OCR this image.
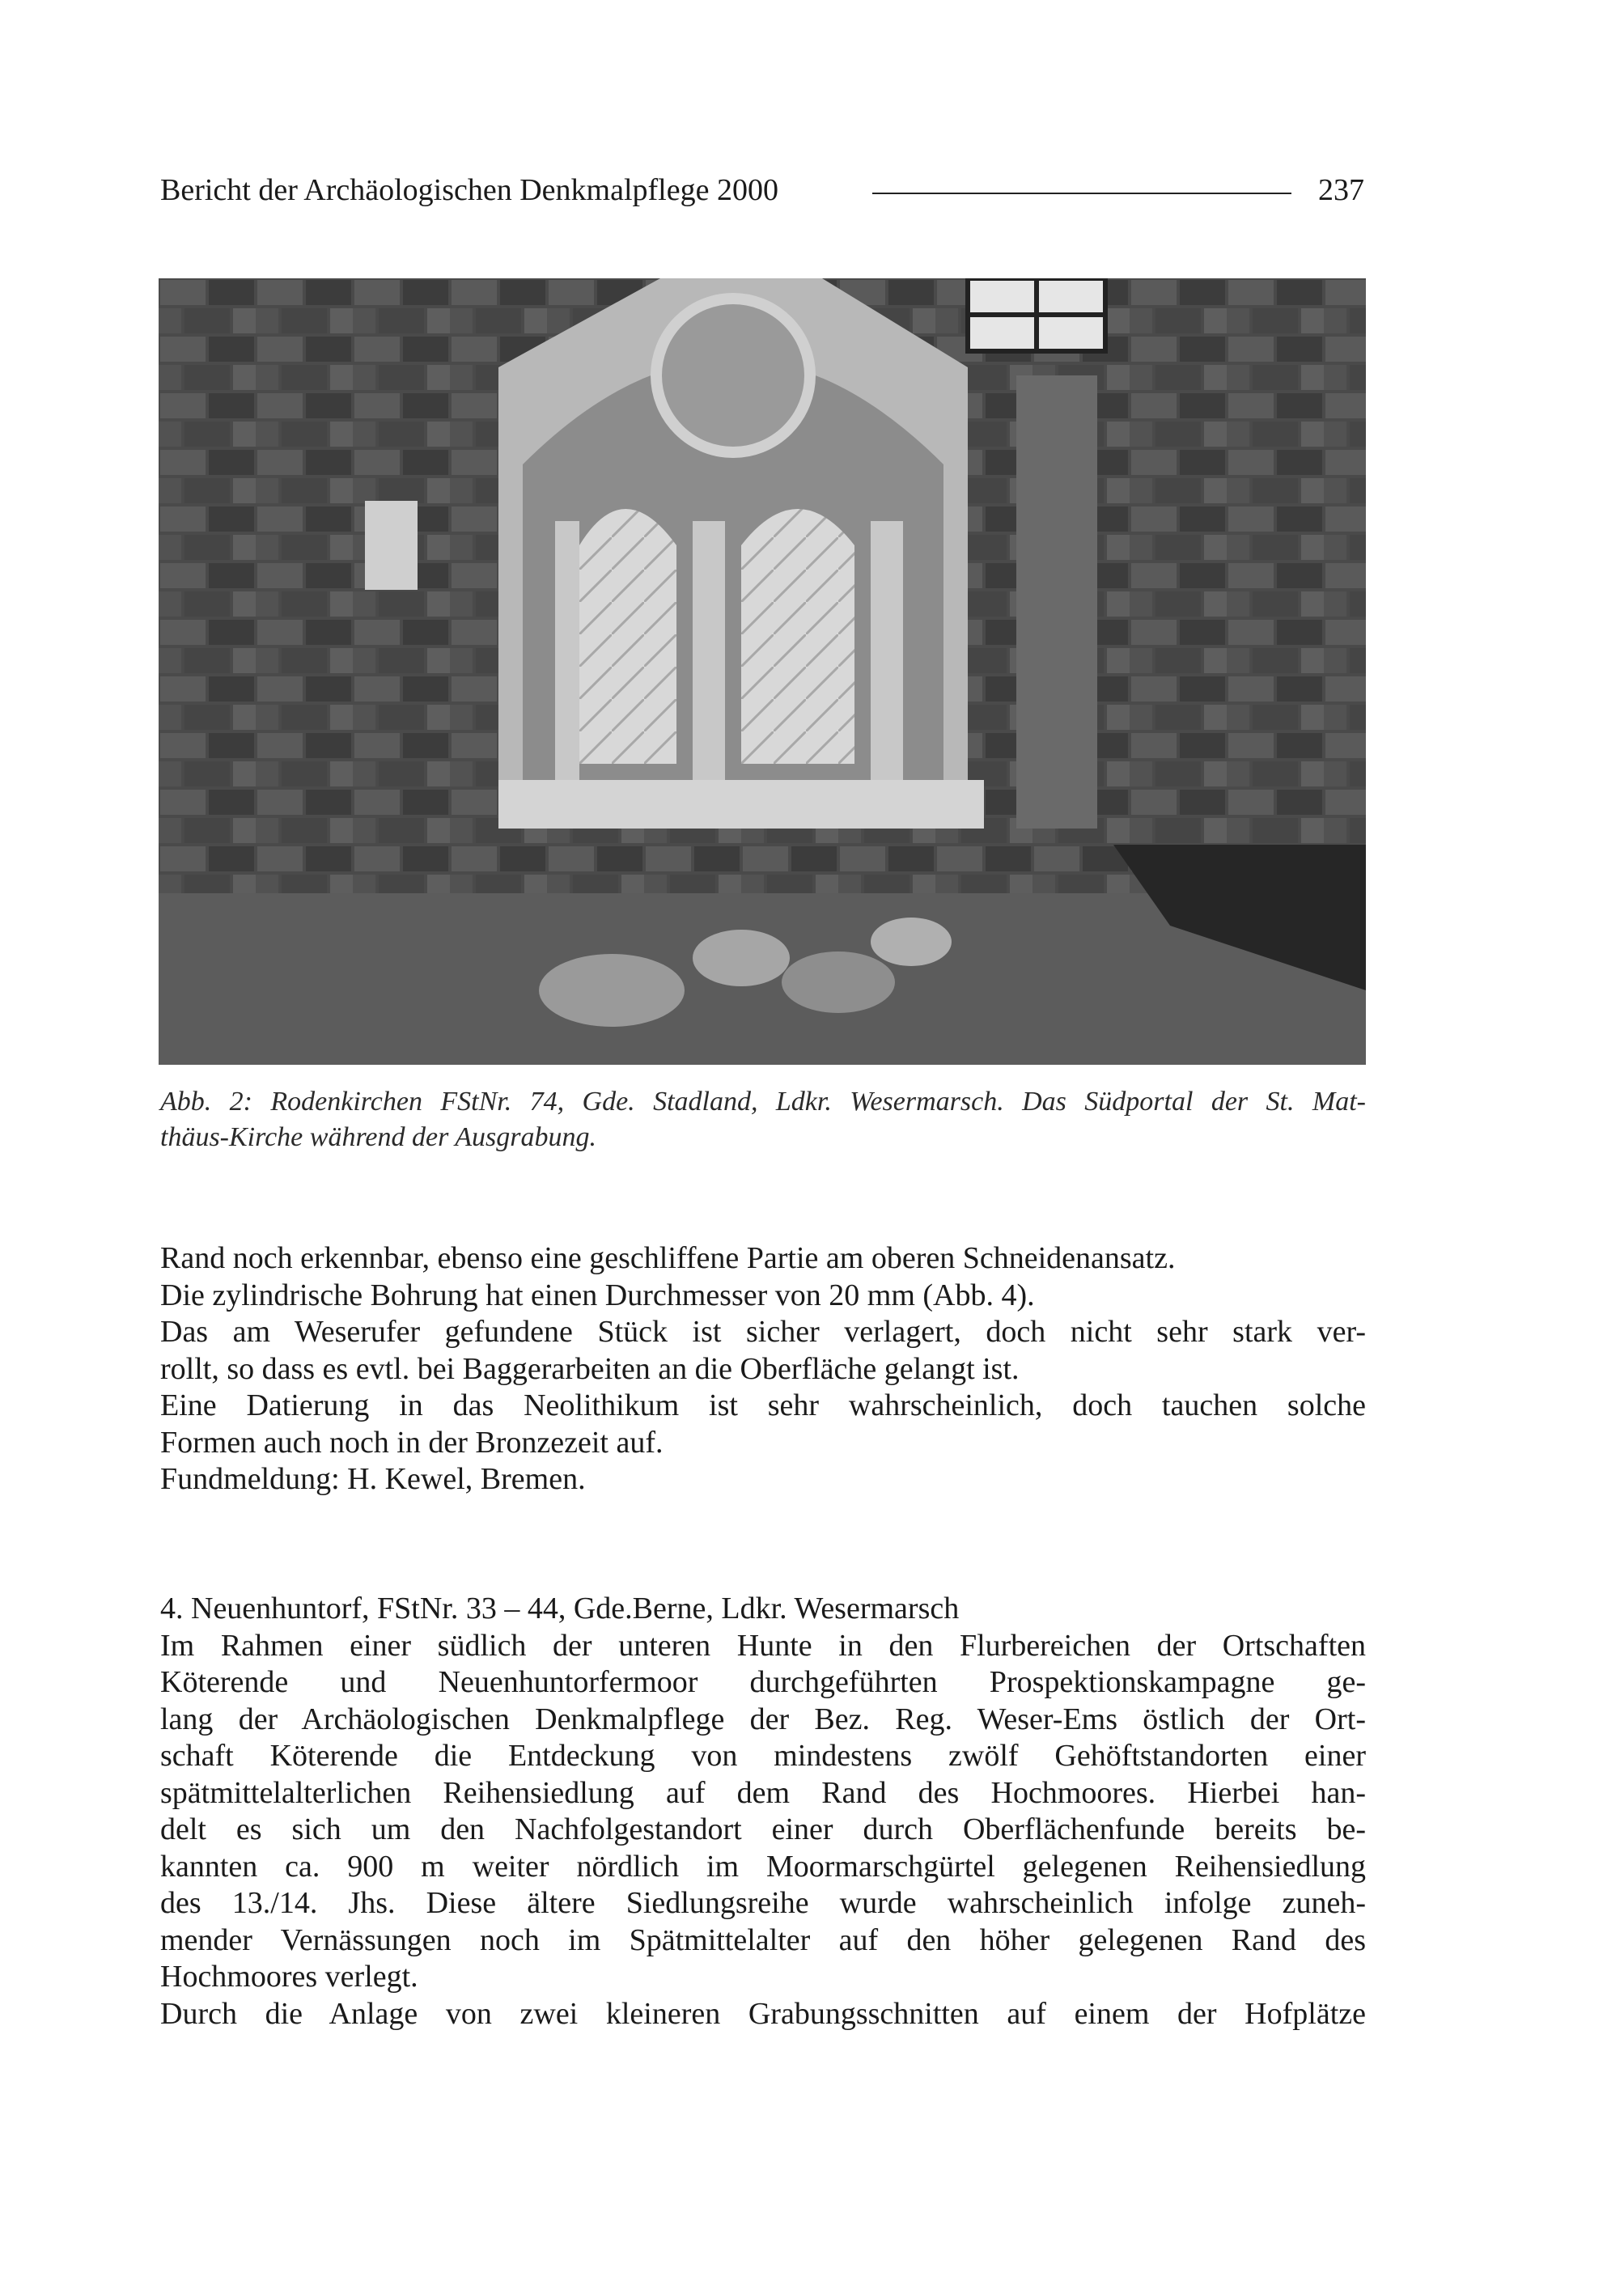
Bericht der Archäologischen Denkmalpflege 2000	237

Abb. 2: Rodenkirchen FStNr. 74, Gde. Stadland, Ldkr. Wesermarsch. Das Südportal der St. Mat-
thäus-Kirche während der Ausgrabung.

Rand noch erkennbar, ebenso eine geschliffene Partie am oberen Schneidenansatz.
Die zylindrische Bohrung hat einen Durchmesser von 20 mm (Abb. 4).
Das am Weserufer gefundene Stück ist sicher verlagert, doch nicht sehr stark ver-
rollt, so dass es evtl. bei Baggerarbeiten an die Oberfläche gelangt ist.
Eine Datierung in das Neolithikum ist sehr wahrscheinlich, doch tauchen solche
Formen auch noch in der Bronzezeit auf.
Fundmeldung: H. Kewel, Bremen.

4. Neuenhuntorf, FStNr. 33 – 44, Gde.Berne, Ldkr. Wesermarsch
Im Rahmen einer südlich der unteren Hunte in den Flurbereichen der Ortschaften
Köterende und Neuenhuntorfermoor durchgeführten Prospektionskampagne ge-
lang der Archäologischen Denkmalpflege der Bez. Reg. Weser-Ems östlich der Ort-
schaft Köterende die Entdeckung von mindestens zwölf Gehöftstandorten einer
spätmittelalterlichen Reihensiedlung auf dem Rand des Hochmoores. Hierbei han-
delt es sich um den Nachfolgestandort einer durch Oberflächenfunde bereits be-
kannten ca. 900 m weiter nördlich im Moormarschgürtel gelegenen Reihensiedlung
des 13./14. Jhs. Diese ältere Siedlungsreihe wurde wahrscheinlich infolge zuneh-
mender Vernässungen noch im Spätmittelalter auf den höher gelegenen Rand des
Hochmoores verlegt.
Durch die Anlage von zwei kleineren Grabungsschnitten auf einem der Hofplätze
